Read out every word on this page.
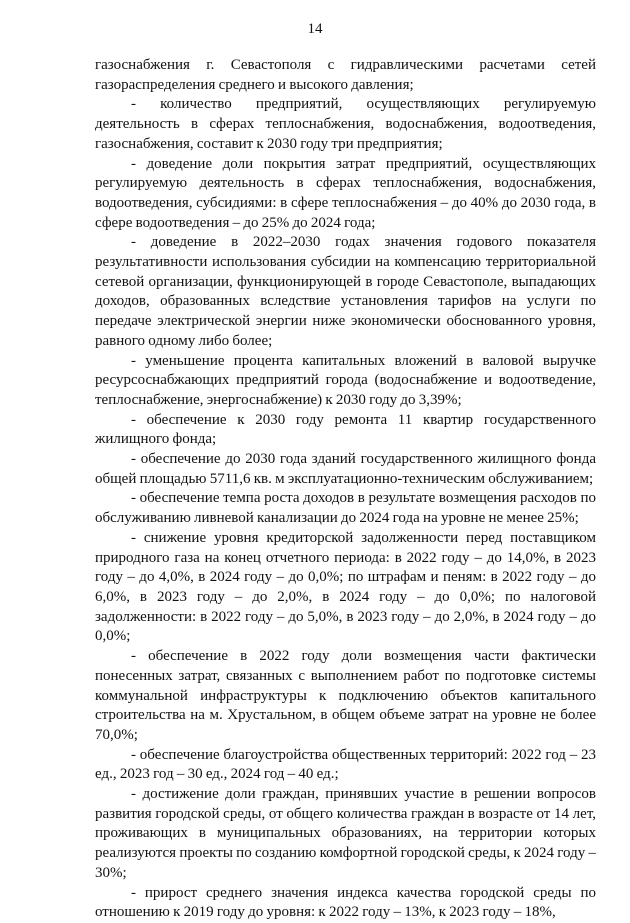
14

газоснабжения г. Севастополя с гидравлическими расчетами сетей газораспределения среднего и высокого давления;

- количество предприятий, осуществляющих регулируемую деятельность в сферах теплоснабжения, водоснабжения, водоотведения, газоснабжения, составит к 2030 году три предприятия;

- доведение доли покрытия затрат предприятий, осуществляющих регулируемую деятельность в сферах теплоснабжения, водоснабжения, водоотведения, субсидиями: в сфере теплоснабжения – до 40% до 2030 года, в сфере водоотведения – до 25% до 2024 года;

- доведение в 2022–2030 годах значения годового показателя результативности использования субсидии на компенсацию территориальной сетевой организации, функционирующей в городе Севастополе, выпадающих доходов, образованных вследствие установления тарифов на услуги по передаче электрической энергии ниже экономически обоснованного уровня, равного одному либо более;

- уменьшение процента капитальных вложений в валовой выручке ресурсоснабжающих предприятий города (водоснабжение и водоотведение, теплоснабжение, энергоснабжение) к 2030 году до 3,39%;

- обеспечение к 2030 году ремонта 11 квартир государственного жилищного фонда;

- обеспечение до 2030 года зданий государственного жилищного фонда общей площадью 5711,6 кв. м эксплуатационно-техническим обслуживанием;

- обеспечение темпа роста доходов в результате возмещения расходов по обслуживанию ливневой канализации до 2024 года на уровне не менее 25%;

- снижение уровня кредиторской задолженности перед поставщиком природного газа на конец отчетного периода: в 2022 году – до 14,0%, в 2023 году – до 4,0%, в 2024 году – до 0,0%; по штрафам и пеням: в 2022 году – до 6,0%, в 2023 году – до 2,0%, в 2024 году – до 0,0%; по налоговой задолженности: в 2022 году – до 5,0%, в 2023 году – до 2,0%, в 2024 году – до 0,0%;

- обеспечение в 2022 году доли возмещения части фактически понесенных затрат, связанных с выполнением работ по подготовке системы коммунальной инфраструктуры к подключению объектов капитального строительства на м. Хрустальном, в общем объеме затрат на уровне не более 70,0%;

- обеспечение благоустройства общественных территорий: 2022 год – 23 ед., 2023 год – 30 ед., 2024 год – 40 ед.;

- достижение доли граждан, принявших участие в решении вопросов развития городской среды, от общего количества граждан в возрасте от 14 лет, проживающих в муниципальных образованиях, на территории которых реализуются проекты по созданию комфортной городской среды, к 2024 году – 30%;

- прирост среднего значения индекса качества городской среды по отношению к 2019 году до уровня: к 2022 году – 13%, к 2023 году – 18%,
